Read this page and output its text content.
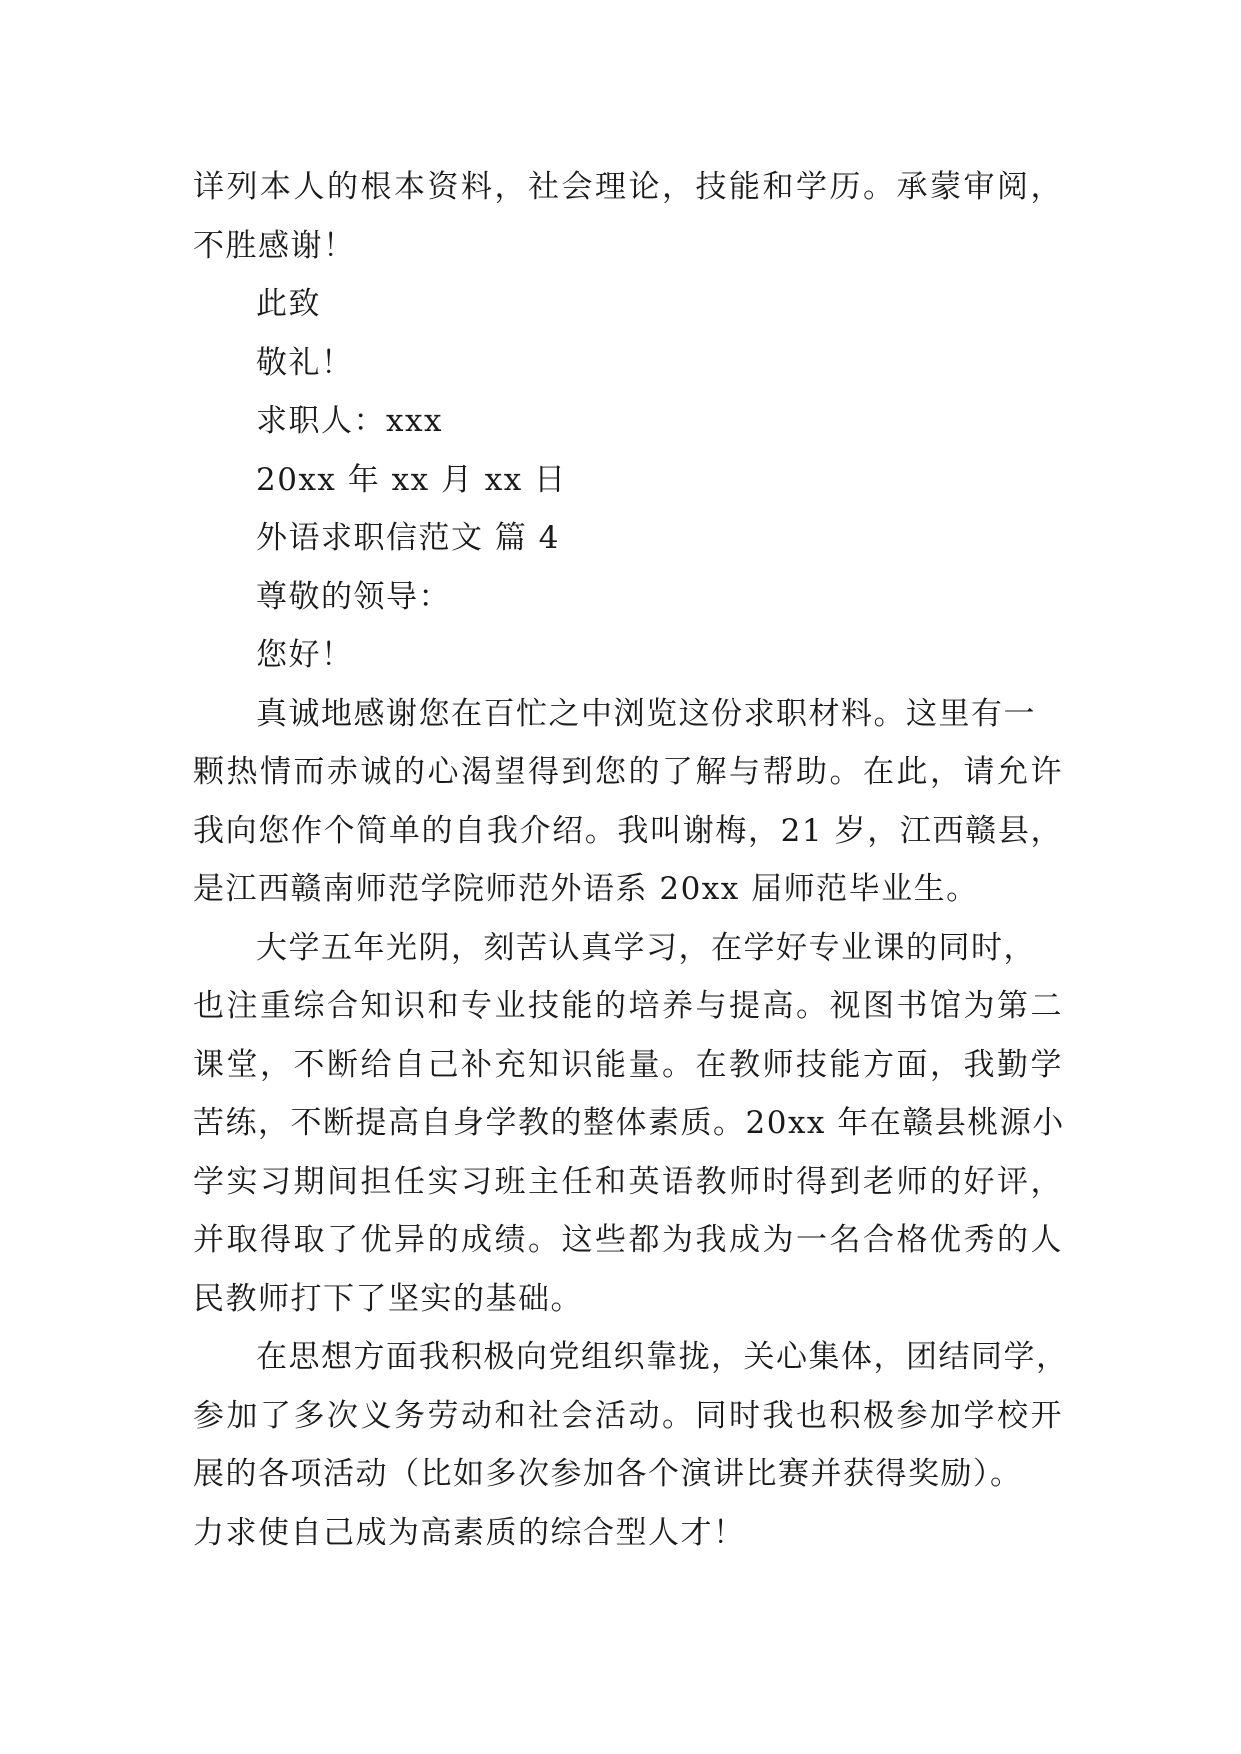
详列本人的根本资料，社会理论，技能和学历。承蒙审阅，
不胜感谢！
此致
敬礼！
求职人：xxx
20xx 年 xx 月 xx 日
外语求职信范文 篇 4
尊敬的领导：
您好！
真诚地感谢您在百忙之中浏览这份求职材料。这里有一
颗热情而赤诚的心渴望得到您的了解与帮助。在此，请允许
我向您作个简单的自我介绍。我叫谢梅，21 岁，江西赣县，
是江西赣南师范学院师范外语系 20xx 届师范毕业生。
大学五年光阴，刻苦认真学习，在学好专业课的同时，
也注重综合知识和专业技能的培养与提高。视图书馆为第二
课堂，不断给自己补充知识能量。在教师技能方面，我勤学
苦练，不断提高自身学教的整体素质。20xx 年在赣县桃源小
学实习期间担任实习班主任和英语教师时得到老师的好评，
并取得取了优异的成绩。这些都为我成为一名合格优秀的人
民教师打下了坚实的基础。
在思想方面我积极向党组织靠拢，关心集体，团结同学，
参加了多次义务劳动和社会活动。同时我也积极参加学校开
展的各项活动（比如多次参加各个演讲比赛并获得奖励）。
力求使自己成为高素质的综合型人才！
